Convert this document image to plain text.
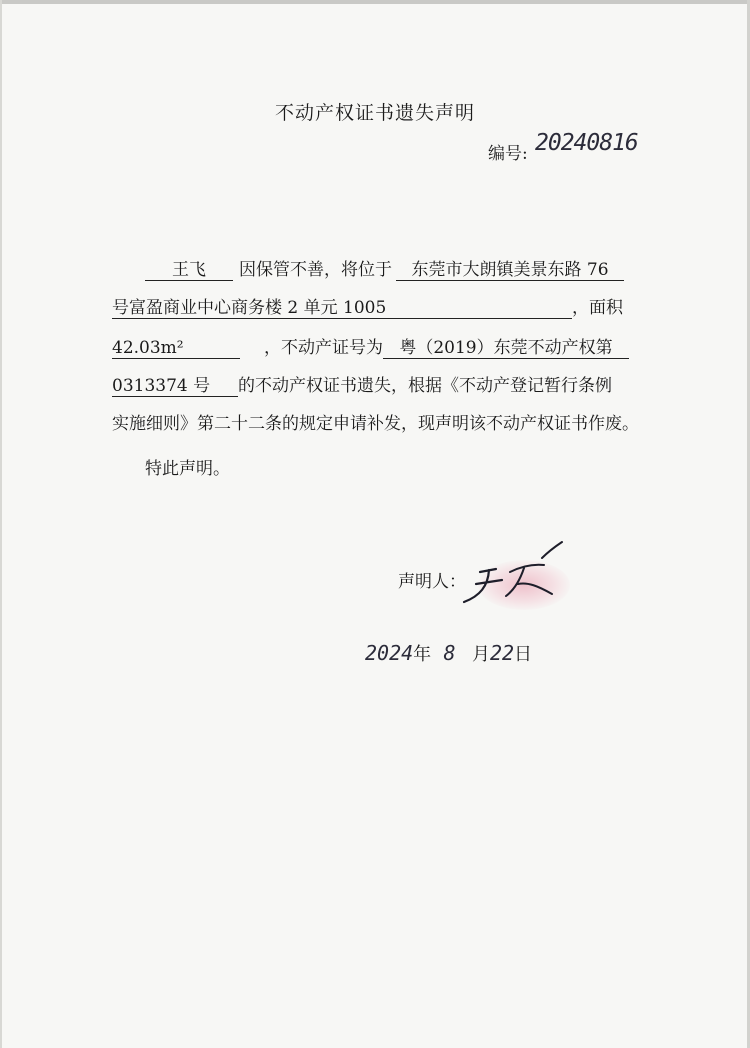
不动产权证书遗失声明
编号: 20240816
王飞 因保管不善，将位于 东莞市大朗镇美景东路 76
号富盈商业中心商务楼 2 单元 1005	，面积
42.03m²	，不动产证号为 粤（2019）东莞不动产权第
0313374 号 的不动产权证书遗失，根据《不动产登记暂行条例
实施细则》第二十二条的规定申请补发，现声明该不动产权证书作废。
特此声明。
声明人：
2024年 8 月22日
